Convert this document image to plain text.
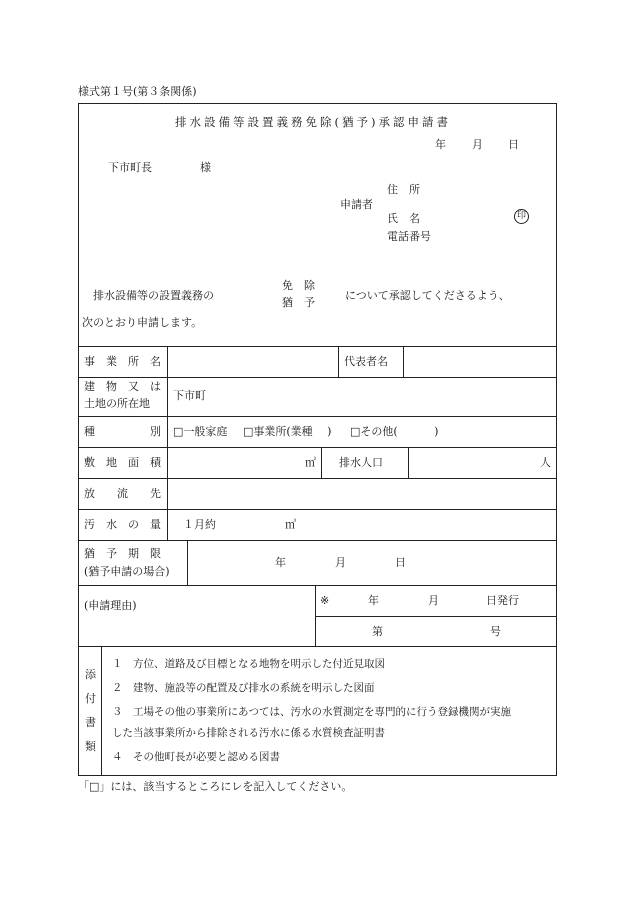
様式第１号(第３条関係)
排水設備等設置義務免除(猶予)承認申請書
年 月 日
下市町長	様
住　所
申請者
氏　名	印
電話番号
排水設備等の設置義務の
免　除
猶　予
について承認してくださるよう、
次のとおり申請します。
事　業　所　名	代表者名
建　物　又　は
土地の所在地
下市町
種　　　　　別 □一般家庭 □事業所(業種　 ) □その他(　　　 )
敷　地　面　積	㎡ 排水人口	人
放　　流　　先
汚　水　の　量 １月約	㎥
猶　予　期　限
(猶予申請の場合)
年	月	日
(申請理由)	※	年	月	日発行
第	号
添
付
書
類
１　方位、道路及び目標となる地物を明示した付近見取図
２　建物、施設等の配置及び排水の系統を明示した図面
３　工場その他の事業所にあつては、汚水の水質測定を専門的に行う登録機関が実施
した当該事業所から排除される汚水に係る水質検査証明書
４　その他町長が必要と認める図書
「□」には、該当するところにレを記入してください。
